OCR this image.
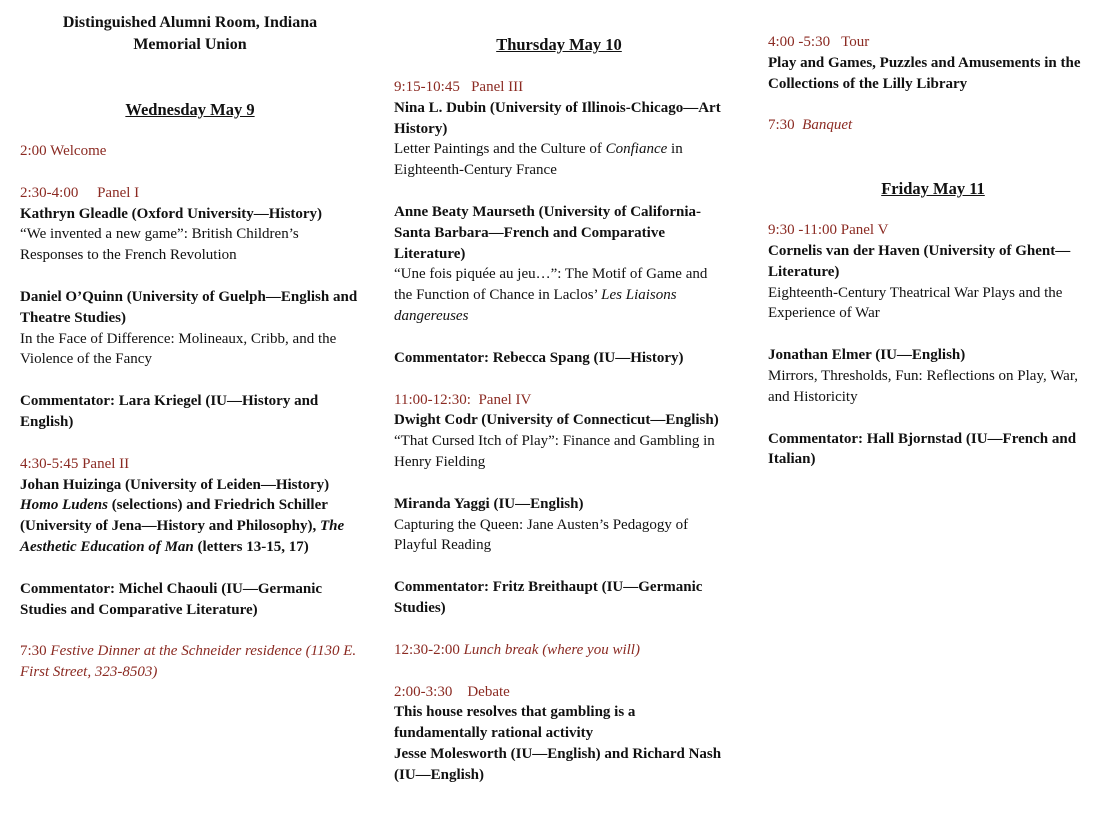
Distinguished Alumni Room, Indiana
Memorial Union
Wednesday May 9
2:00 Welcome
2:30-4:00 Panel I
Kathryn Gleadle (Oxford University—History)
“We invented a new game”: British Children’s Responses to the French Revolution
Daniel O’Quinn (University of Guelph—English and Theatre Studies)
In the Face of Difference: Molineaux, Cribb, and the Violence of the Fancy
Commentator: Lara Kriegel (IU—History and English)
4:30-5:45 Panel II
Johan Huizinga (University of Leiden—History) Homo Ludens (selections) and Friedrich Schiller (University of Jena—History and Philosophy), The Aesthetic Education of Man (letters 13-15, 17)
Commentator: Michel Chaouli (IU—Germanic Studies and Comparative Literature)
7:30 Festive Dinner at the Schneider residence (1130 E. First Street, 323-8503)
Thursday May 10
9:15-10:45 Panel III
Nina L. Dubin (University of Illinois-Chicago—Art History)
Letter Paintings and the Culture of Confiance in Eighteenth-Century France
Anne Beaty Maurseth (University of California-Santa Barbara—French and Comparative Literature)
“Une fois piquée au jeu…”: The Motif of Game and the Function of Chance in Laclos’ Les Liaisons dangereuses
Commentator: Rebecca Spang (IU—History)
11:00-12:30: Panel IV
Dwight Codr (University of Connecticut—English)
“That Cursed Itch of Play”: Finance and Gambling in Henry Fielding
Miranda Yaggi (IU—English)
Capturing the Queen: Jane Austen’s Pedagogy of Playful Reading
Commentator: Fritz Breithaupt (IU—Germanic Studies)
12:30-2:00 Lunch break (where you will)
2:00-3:30 Debate
This house resolves that gambling is a fundamentally rational activity
Jesse Molesworth (IU—English) and Richard Nash (IU—English)
4:00 -5:30 Tour
Play and Games, Puzzles and Amusements in the Collections of the Lilly Library
7:30 Banquet
Friday May 11
9:30 -11:00 Panel V
Cornelis van der Haven (University of Ghent—Literature)
Eighteenth-Century Theatrical War Plays and the Experience of War
Jonathan Elmer (IU—English)
Mirrors, Thresholds, Fun: Reflections on Play, War, and Historicity
Commentator: Hall Bjornstad (IU—French and Italian)
